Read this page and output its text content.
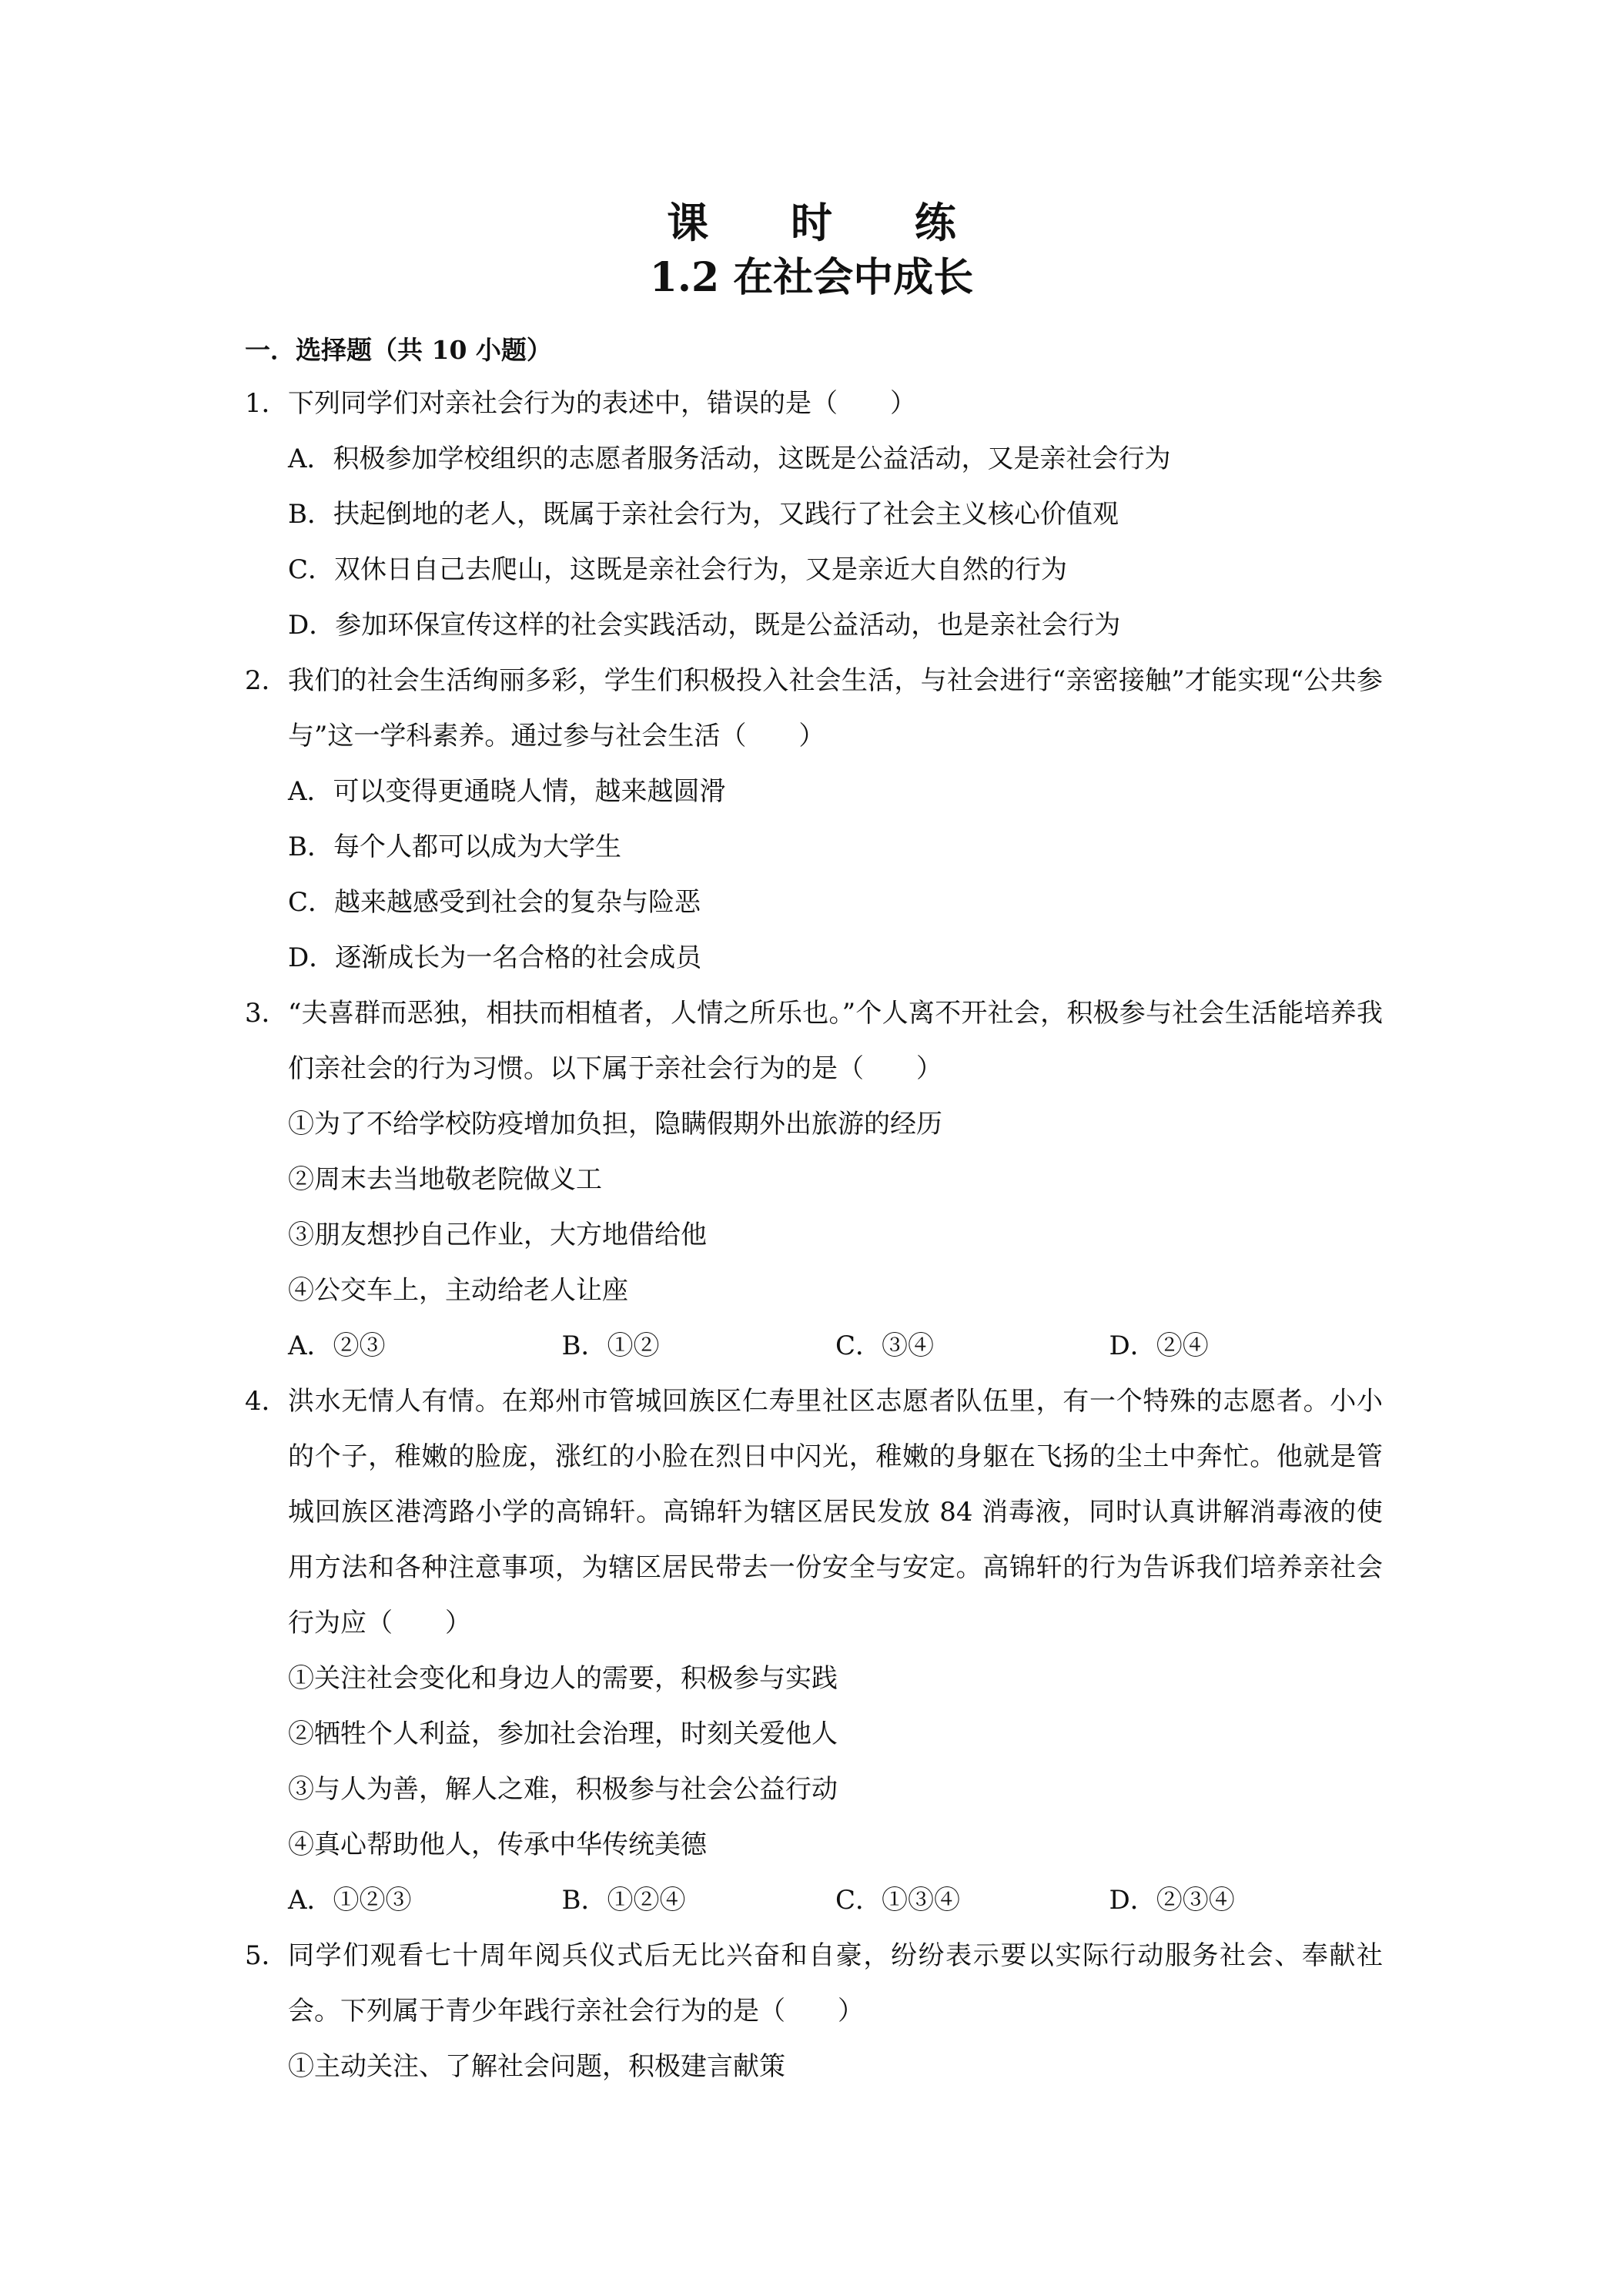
课 时 练
1.2 在社会中成长
一．选择题（共 10 小题）
1． 下列同学们对亲社会行为的表述中，错误的是（　　）
A．积极参加学校组织的志愿者服务活动，这既是公益活动，又是亲社会行为
B．扶起倒地的老人，既属于亲社会行为，又践行了社会主义核心价值观
C．双休日自己去爬山，这既是亲社会行为，又是亲近大自然的行为
D．参加环保宣传这样的社会实践活动，既是公益活动，也是亲社会行为
2． 我们的社会生活绚丽多彩，学生们积极投入社会生活，与社会进行“亲密接触”才能实现“公共参与”这一学科素养。通过参与社会生活（　　）
A．可以变得更通晓人情，越来越圆滑
B．每个人都可以成为大学生
C．越来越感受到社会的复杂与险恶
D．逐渐成长为一名合格的社会成员
3． “夫喜群而恶独，相扶而相植者，人情之所乐也。”个人离不开社会，积极参与社会生活能培养我们亲社会的行为习惯。以下属于亲社会行为的是（　　）
①为了不给学校防疫增加负担，隐瞒假期外出旅游的经历
②周末去当地敬老院做义工
③朋友想抄自己作业，大方地借给他
④公交车上，主动给老人让座
A．②③	B．①②	C．③④	D．②④
4． 洪水无情人有情。在郑州市管城回族区仁寿里社区志愿者队伍里，有一个特殊的志愿者。小小的个子，稚嫩的脸庞，涨红的小脸在烈日中闪光，稚嫩的身躯在飞扬的尘土中奔忙。他就是管城回族区港湾路小学的高锦轩。高锦轩为辖区居民发放 84 消毒液，同时认真讲解消毒液的使用方法和各种注意事项，为辖区居民带去一份安全与安定。高锦轩的行为告诉我们培养亲社会行为应（　　）
①关注社会变化和身边人的需要，积极参与实践
②牺牲个人利益，参加社会治理，时刻关爱他人
③与人为善，解人之难，积极参与社会公益行动
④真心帮助他人，传承中华传统美德
A．①②③	B．①②④	C．①③④	D．②③④
5． 同学们观看七十周年阅兵仪式后无比兴奋和自豪，纷纷表示要以实际行动服务社会、奉献社会。下列属于青少年践行亲社会行为的是（　　）
①主动关注、了解社会问题，积极建言献策
